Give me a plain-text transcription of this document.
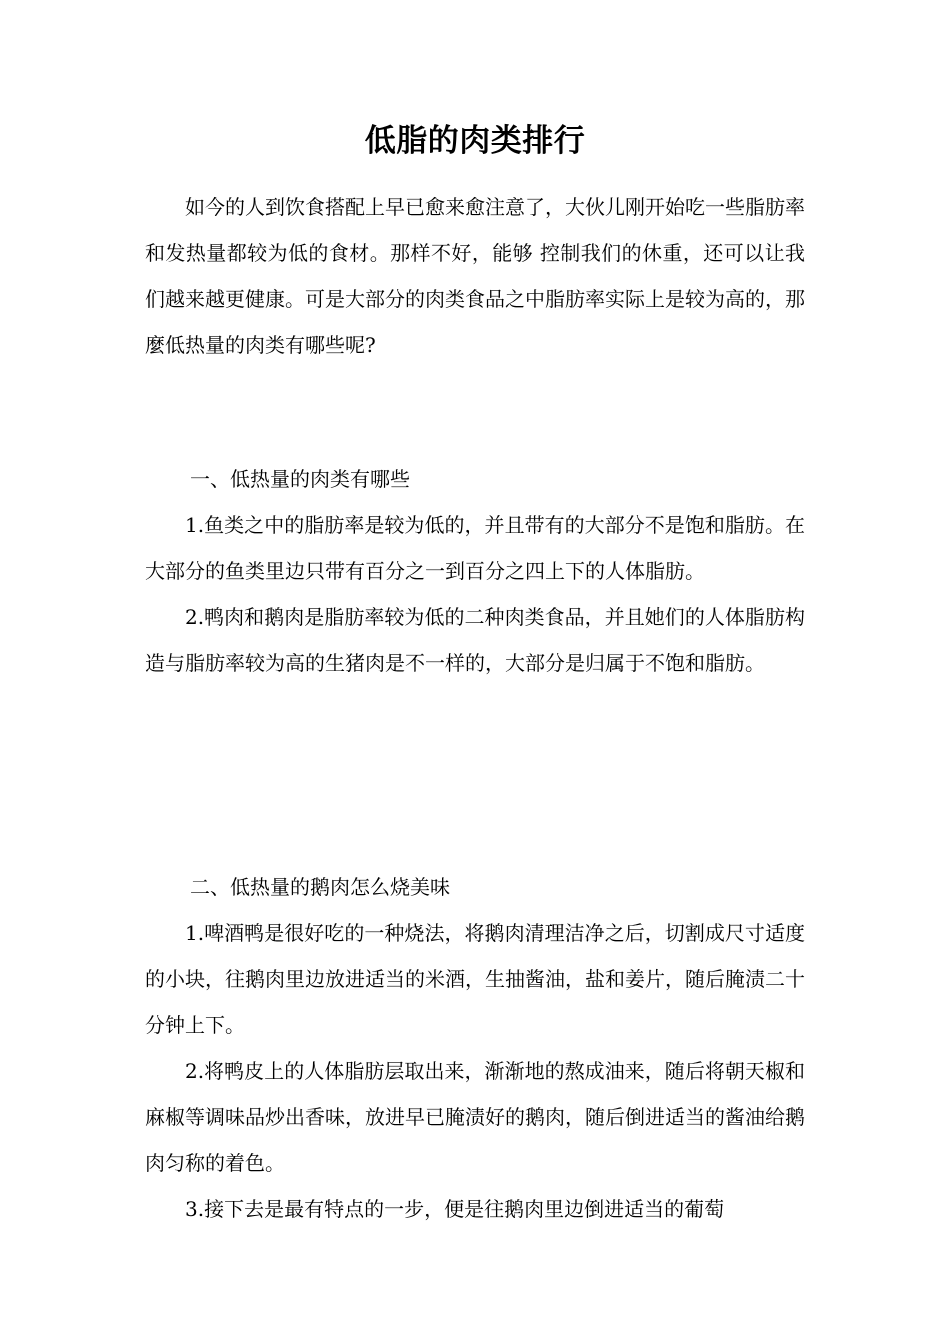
低脂的肉类排行

如今的人到饮食搭配上早已愈来愈注意了，大伙儿刚开始吃一些脂肪率和发热量都较为低的食材。那样不好，能够 控制我们的休重，还可以让我们越来越更健康。可是大部分的肉类食品之中脂肪率实际上是较为高的，那麼低热量的肉类有哪些呢?

一、低热量的肉类有哪些

1.鱼类之中的脂肪率是较为低的，并且带有的大部分不是饱和脂肪。在大部分的鱼类里边只带有百分之一到百分之四上下的人体脂肪。

2.鸭肉和鹅肉是脂肪率较为低的二种肉类食品，并且她们的人体脂肪构造与脂肪率较为高的生猪肉是不一样的，大部分是归属于不饱和脂肪。

二、低热量的鹅肉怎么烧美味

1.啤酒鸭是很好吃的一种烧法，将鹅肉清理洁净之后，切割成尺寸适度的小块，往鹅肉里边放进适当的米酒，生抽酱油，盐和姜片，随后腌渍二十分钟上下。

2.将鸭皮上的人体脂肪层取出来，渐渐地的熬成油来，随后将朝天椒和麻椒等调味品炒出香味，放进早已腌渍好的鹅肉，随后倒进适当的酱油给鹅肉匀称的着色。

3.接下去是最有特点的一步，便是往鹅肉里边倒进适当的葡萄
